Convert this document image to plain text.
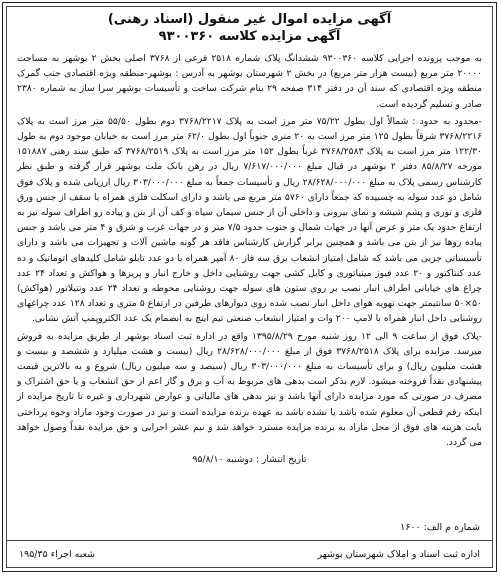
آگهی مزایده اموال غیر منقول (اسناد رهنی)
آگهی مزایده کلاسه ۹۳۰۰۳۶۰

به موجب پرونده اجرایی کلاسه ۹۳۰۰۳۶۰ ششدانگ پلاک شماره ۲۵۱۸ فرعی از ۳۷۶۸ اصلی بخش ۲ بوشهر به مساحت ۲۰۰۰۰ متر مربع (بیست هزار متر مربع) در بخش ۲ شهرستان بوشهر به آدرس : بوشهر-منطقه ویژه اقتصادی جنب گمرک منطقه ویژه اقتصادی که سند آن در دفتر ۳۱۴ صفحه ۲۹ بنام شرکت ساخت و تأسیسات بوشهر سرا ساز به شماره ۲۳۸۰ صادر و تسلیم گردیده است.

-محدود به حدود : شمالاً اول بطول ۷۵/۲۲ متر مرز است به پلاک ۳۷۶۸/۲۲۱۷ دوم بطول ۵۵/۵۰ متر مرز است به پلاک ۳۷۶۸/۲۲۱۶ شرقاً بطول ۱۲۵ متر مرز است به ۲۰ متری جنوباً اول بطول ۶۲/۰ متر مرز است به خیابان موجود دوم به طول ۱۲۲/۳۰ متر مرز است به پلاک ۳۷۶۸/۲۵۸۳ غرباً بطول ۱۵۲ متر مرز است به پلاک ۳۷۶۸/۲۵۱۹ که طبق سند رهنی ۱۵۱۸۸۷ مورخه ۸۵/۸/۲۷ دفتر ۲ بوشهر در قبال مبلغ ۷/۶۱۷/۰۰۰/۰۰۰ ریال در رهن بانک ملت بوشهر قرار گرفته و طبق نظر کارشناس رسمی پلاک به مبلغ ۲۸/۶۲۸/۰۰۰/۰۰۰ ریال و تأسیسات جمعاً به مبلغ ۳۰۳/۰۰۰/۰۰۰ ریال ارزیابی شده و پلاک فوق شامل دو عدد سوله به چسبیده که جمعاً دارای ۵۷۶۰ متر مربع می باشد و دارای اسکلت فلزی همراه با سقف از جنس ورق فلزی و توری و پشم شیشه و نمای بیرونی و داخلی آن از جنس سیمان سیاه و کف آن از بتن و پیاده رو اطراف سوله نیز به ارتفاع حدود یک متر و عرض آنها در جهات شمال و جنوب حدود ۷/۵ متر و در جهات غرب و شرق و ۴ متر می باشد و جنس پیاده روها نیز از بتن می باشد و همچنین برابر گزارش کارشناس فاقد هر گونه ماشین آلات و تجهیزات می باشد و دارای تأسیساتی جزیی می باشد که شامل امتیاز انشعاب برق سه فاز ۸۰ آمپر همراه با دو عدد تابلو شامل کلیدهای اتوماتیک و ده عدد کنتاکتور و ۲۰ عدد فیوز مینیاتوری و کابل کشی جهت روشنایی داخل و خارج انبار و پریزها و هواکش و تعداد ۲۴ عدد چراغ های خیابانی اطراف انبار نصب بر روی ستون های سوله جهت روشنایی محوطه و تعداد ۲۴ عدد ونتیلاتور (هواکش) ۵۰×۵۰ سانتیمتر جهت تهویه هوای داخل انبار نصب شده روی دیوارهای طرفین در ارتفاع ۵ متری و تعداد ۱۲۸ عدد چراغهای روشنایی داخل انبار همراه با لامپ ۲۰۰ وات و امتیاز انشعاب صنعتی تیم اینچ به انضمام یک عدد الکتروپمپ آتش نشانی.

-پلاک فوق از ساعت ۹ الی ۱۲ روز شنبه مورخ ۱۳۹۵/۸/۲۹ واقع در اداره ثبت اسناد بوشهر از طریق مزایده به فروش میرسد. مزایده برای پلاک ۳۷۶۸/۲۵۱۸ فوق از مبلغ ۲۸/۶۲۸/۰۰۰/۰۰۰ ریال (بیست و هشت میلیارد و ششصد و بیست و هشت میلیون ریال) و برای تأسیسات به مبلغ ۳۰۳/۰۰۰/۰۰۰ ریال (سیصد و سه میلیون ریال) شروع و به بالاترین قیمت پیشنهادی نقداً فروخته میشود. لازم بذکر است بدهی های مربوط به آب و برق و گاز اعم از حق انشعاب و یا حق اشتراک و مصرف در صورتی که مورد مزایده دارای آنها باشد و نیز بدهی های مالیاتی و عوارض شهرداری و غیره تا تاریخ مزایده از اینکه رقم قطعی آن معلوم شده باشد یا نشده باشد به عهده برنده مزایده است و نیز در صورت وجود مازاد وجوه پرداختی بابت هزینه های فوق از محل مازاد به برنده مزایده مسترد خواهد شد و نیم عشر اجرایی و حق مزایده نقداً وصول خواهد می گردد.

تاریخ انتشار : دوشنبه ۹۵/۸/۱۰
شماره م الف: ۱۶۰۰
اداره ثبت اسناد و املاک شهرستان بوشهر
شعبه اجراء ۱۹۵/۳۵
